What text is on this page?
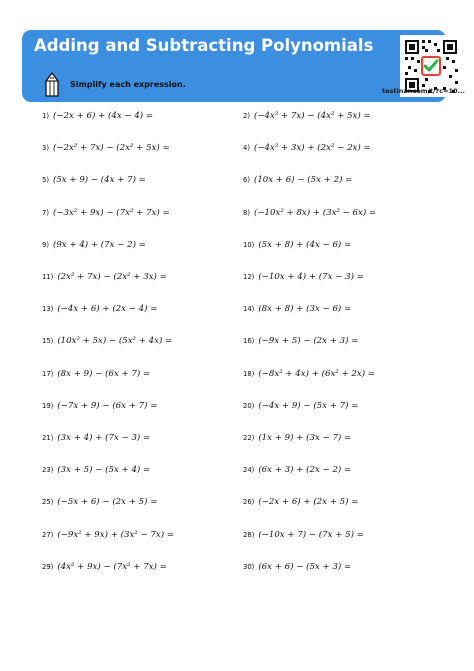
Adding and Subtracting Polynomials
testinar.com/t/?c=10...
Simplify each expression.
1) (−2x + 6) + (4x − 4) =	2) (−4x² + 7x) − (4x² + 5x) =
3) (−2x² + 7x) − (2x² + 5x) =	4) (−4x² + 3x) + (2x² − 2x) =
5) (5x + 9) − (4x + 7) =	6) (10x + 6) − (5x + 2) =
7) (−3x² + 9x) − (7x² + 7x) =	8) (−10x² + 8x) + (3x² − 6x) =
9) (9x + 4) + (7x − 2) =	10) (5x + 8) + (4x − 6) =
11) (2x² + 7x) − (2x² + 3x) =	12) (−10x + 4) + (7x − 3) =
13) (−4x + 6) + (2x − 4) =	14) (8x + 8) + (3x − 6) =
15) (10x² + 5x) − (5x² + 4x) =	16) (−9x + 5) − (2x + 3) =
17) (8x + 9) − (6x + 7) =	18) (−8x² + 4x) + (6x² + 2x) =
19) (−7x + 9) − (6x + 7) =	20) (−4x + 9) − (5x + 7) =
21) (3x + 4) + (7x − 3) =	22) (1x + 9) + (3x − 7) =
23) (3x + 5) − (5x + 4) =	24) (6x + 3) + (2x − 2) =
25) (−5x + 6) − (2x + 5) =	26) (−2x + 6) + (2x + 5) =
27) (−9x² + 9x) + (3x² − 7x) =	28) (−10x + 7) − (7x + 5) =
29) (4x² + 9x) − (7x² + 7x) =	30) (6x + 6) − (5x + 3) =
